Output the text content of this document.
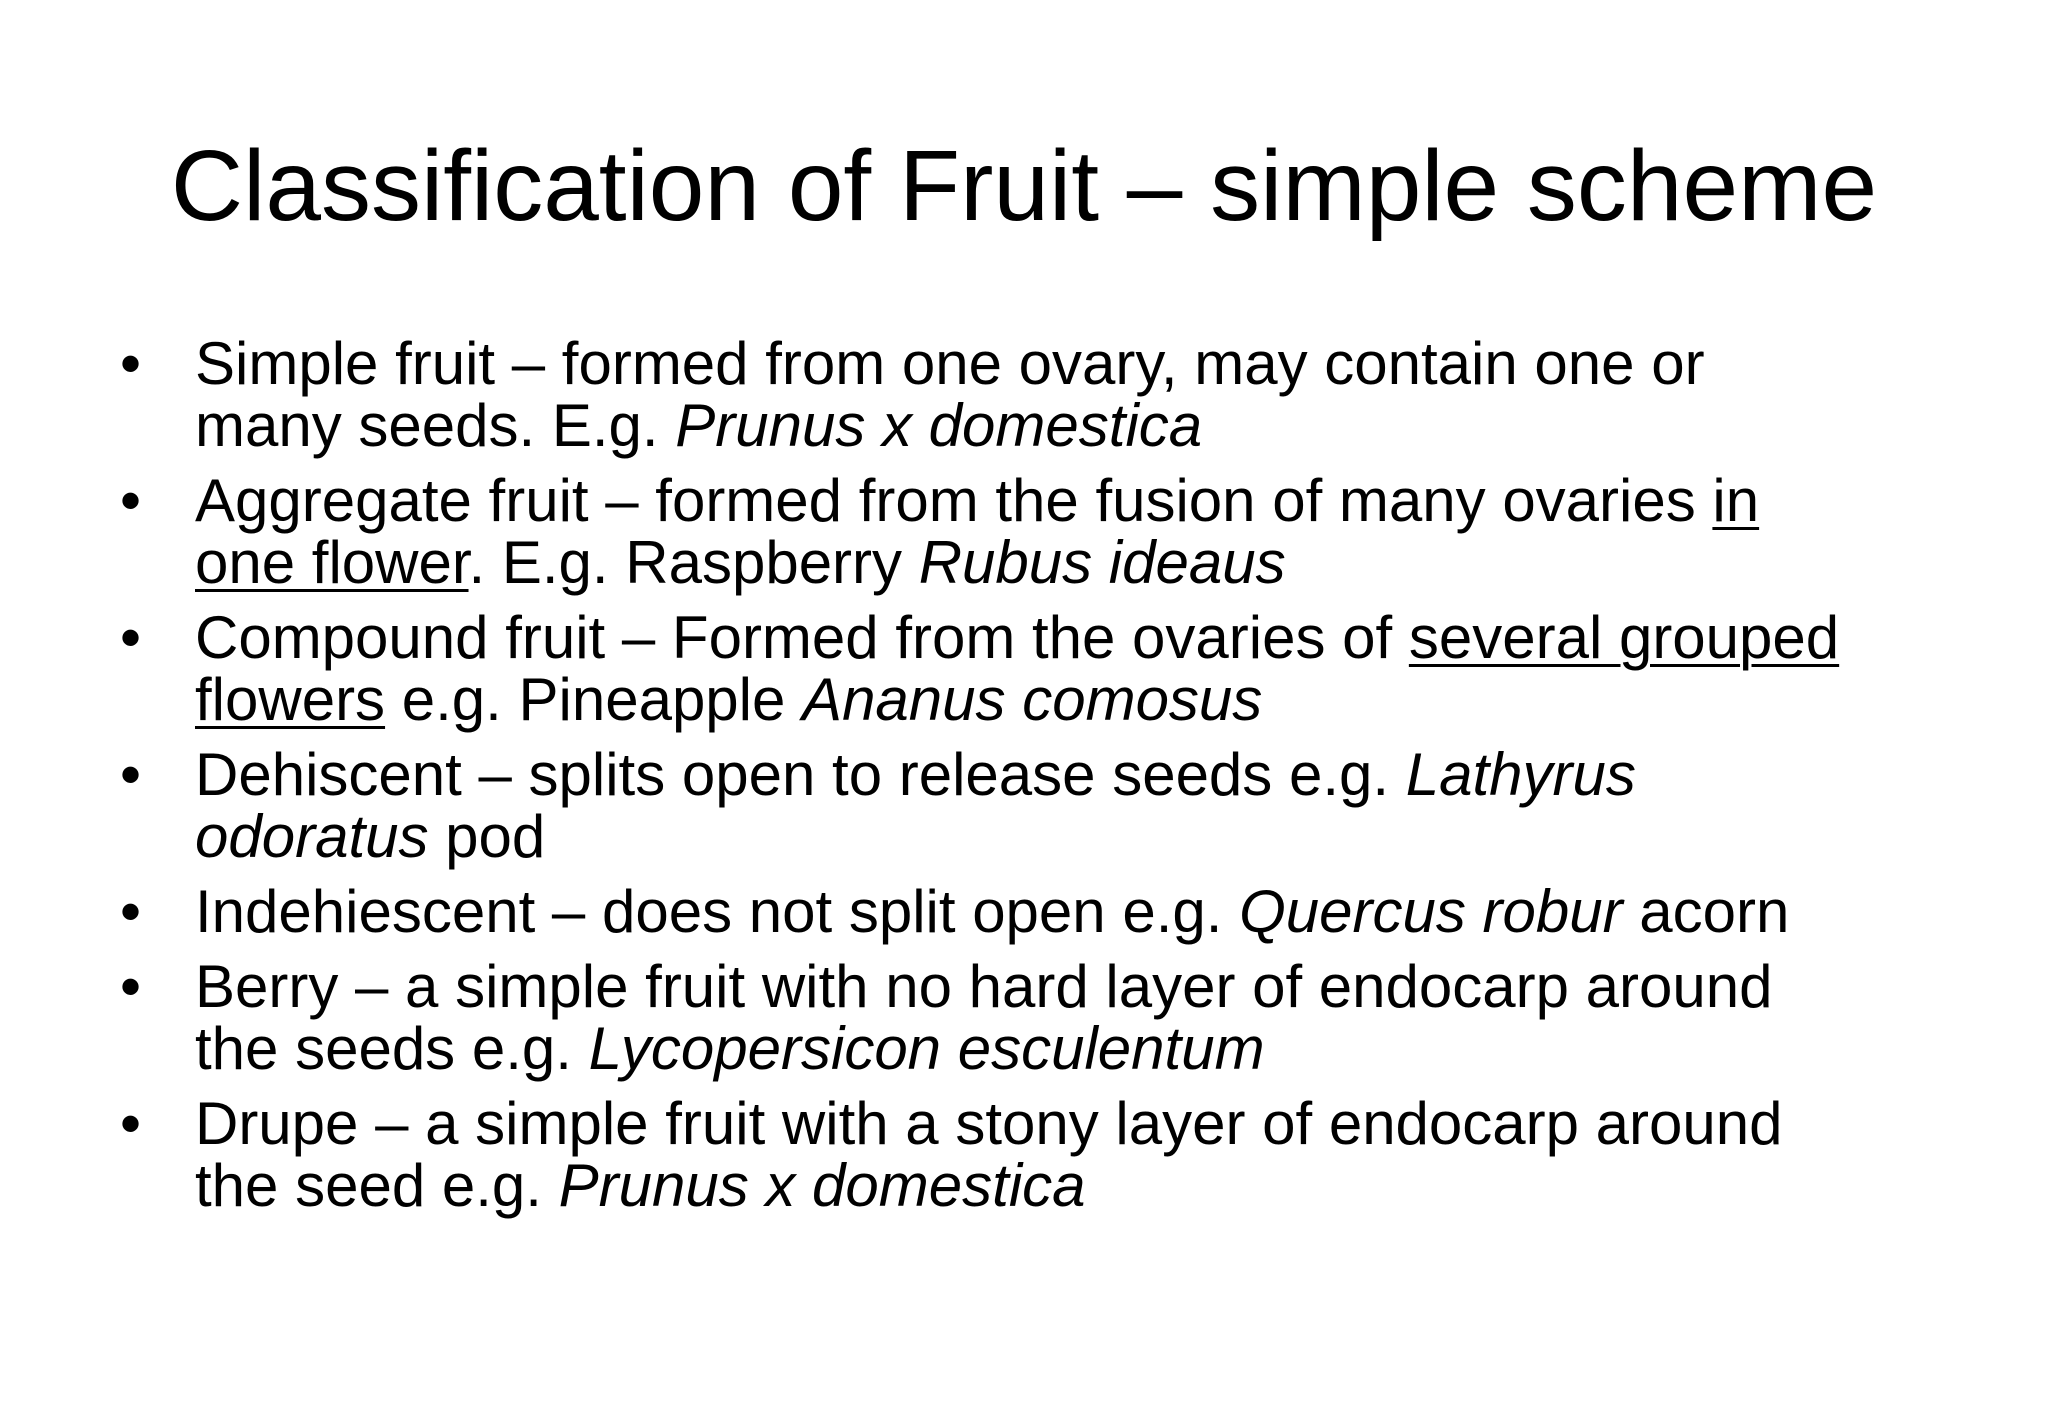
Classification of Fruit – simple scheme
• Simple fruit – formed from one ovary, may contain one or
many seeds. E.g. Prunus x domestica
• Aggregate fruit – formed from the fusion of many ovaries in
one flower. E.g. Raspberry Rubus ideaus
• Compound fruit – Formed from the ovaries of several grouped
flowers e.g. Pineapple Ananus comosus
• Dehiscent – splits open to release seeds e.g. Lathyrus
odoratus pod
• Indehiescent – does not split open e.g. Quercus robur acorn
• Berry – a simple fruit with no hard layer of endocarp around
the seeds e.g. Lycopersicon esculentum
• Drupe – a simple fruit with a stony layer of endocarp around
the seed e.g. Prunus x domestica
